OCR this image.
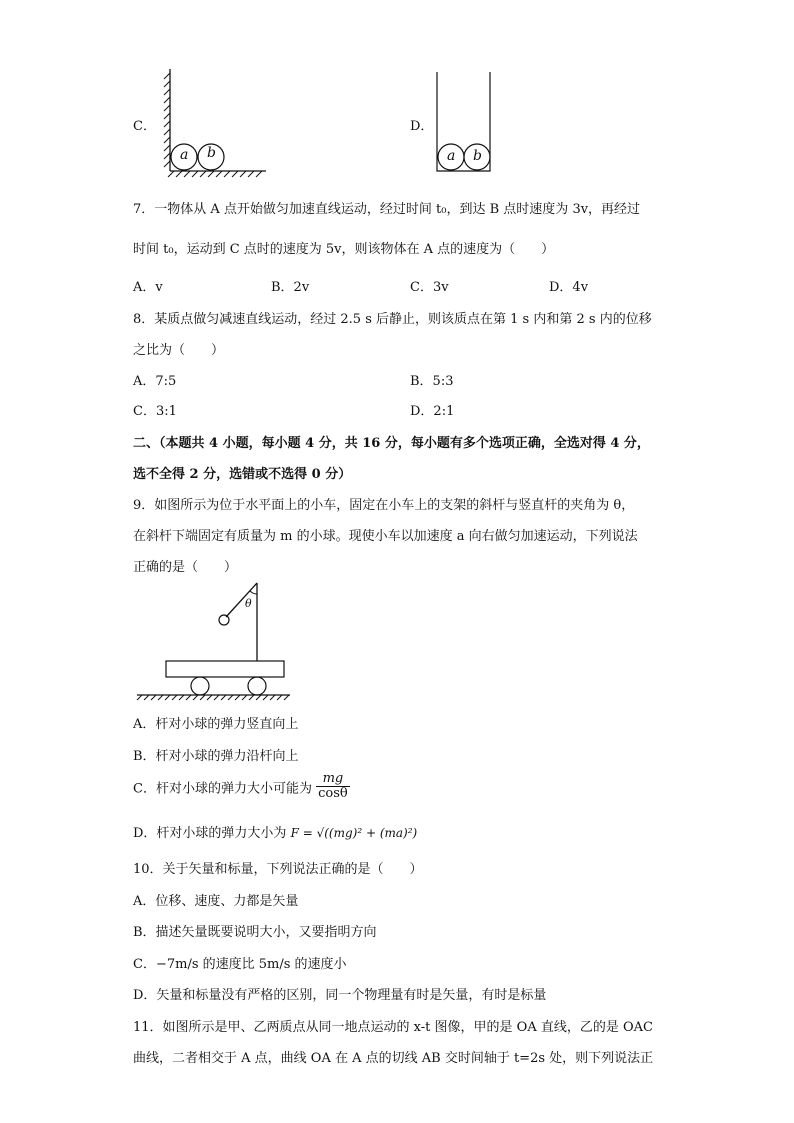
C．
a b
D．
a b
7．一物体从 A 点开始做匀加速直线运动，经过时间 t₀，到达 B 点时速度为 3v，再经过
时间 t₀，运动到 C 点时的速度为 5v，则该物体在 A 点的速度为（　　）
A．v	B．2v	C．3v	D．4v
8．某质点做匀减速直线运动，经过 2.5 s 后静止，则该质点在第 1 s 内和第 2 s 内的位移
之比为（　　）
A．7:5	B．5:3
C．3:1	D．2:1
二、（本题共 4 小题，每小题 4 分，共 16 分，每小题有多个选项正确，全选对得 4 分，
选不全得 2 分，选错或不选得 0 分）
9．如图所示为位于水平面上的小车，固定在小车上的支架的斜杆与竖直杆的夹角为 θ，
在斜杆下端固定有质量为 m 的小球。现使小车以加速度 a 向右做匀加速运动，下列说法
正确的是（　　）
θ
A．杆对小球的弹力竖直向上
B．杆对小球的弹力沿杆向上
C．杆对小球的弹力大小可能为 $\frac{mg}{\cos\theta}$
D．杆对小球的弹力大小为 F = √((mg)² + (ma)²)
10．关于矢量和标量，下列说法正确的是（　　）
A．位移、速度、力都是矢量
B．描述矢量既要说明大小，又要指明方向
C．−7m/s 的速度比 5m/s 的速度小
D．矢量和标量没有严格的区别，同一个物理量有时是矢量，有时是标量
11．如图所示是甲、乙两质点从同一地点运动的 x-t 图像，甲的是 OA 直线，乙的是 OAC
曲线，二者相交于 A 点，曲线 OA 在 A 点的切线 AB 交时间轴于 t=2s 处，则下列说法正
